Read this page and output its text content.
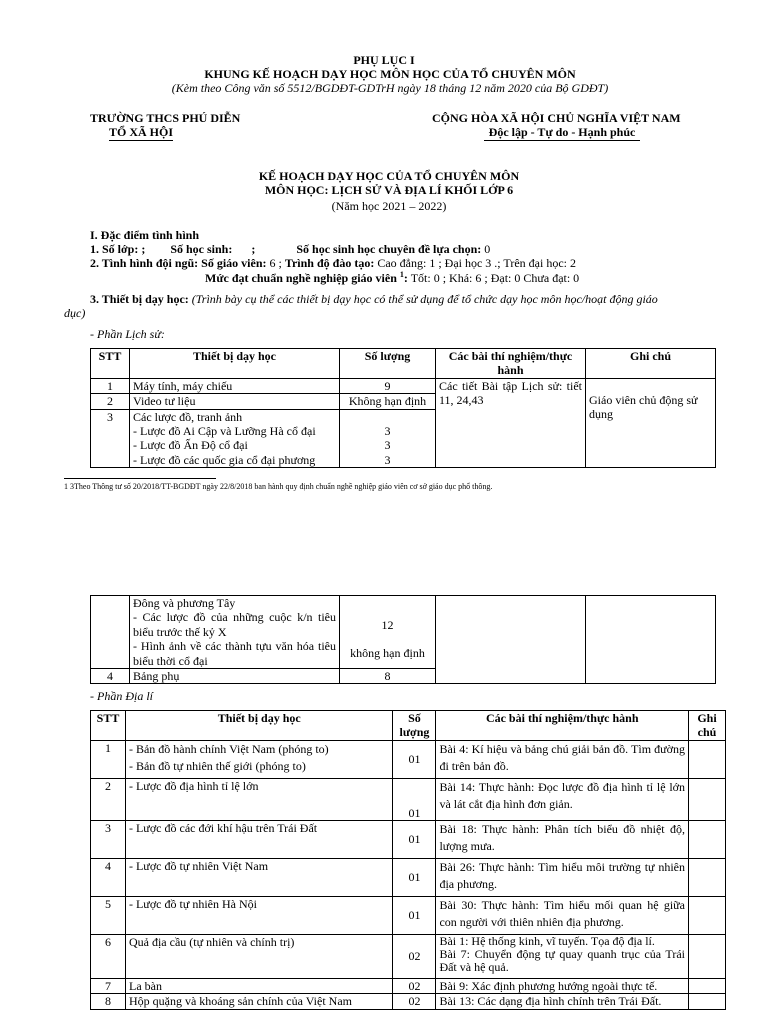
PHỤ LỤC I
KHUNG KẾ HOẠCH DẠY HỌC MÔN HỌC CỦA TỔ CHUYÊN MÔN
(Kèm theo Công văn số 5512/BGDĐT-GDTrH ngày 18 tháng 12 năm 2020 của Bộ GDĐT)
TRƯỜNG THCS PHÚ DIỄN
TỔ XÃ HỘI
CỘNG HÒA XÃ HỘI CHỦ NGHĨA VIỆT NAM
Độc lập - Tự do - Hạnh phúc
KẾ HOẠCH DẠY HỌC CỦA TỔ CHUYÊN MÔN
MÔN HỌC: LỊCH SỬ VÀ ĐỊA LÍ KHỐI LỚP 6
(Năm học 2021 – 2022)
I. Đặc điểm tình hình
1. Số lớp: ; Số học sinh: ;	Số học sinh học chuyên đề lựa chọn: 0
2. Tình hình đội ngũ: Số giáo viên: 6 ; Trình độ đào tạo: Cao đẳng: 1 ; Đại học 3 .; Trên đại học: 2
Mức đạt chuẩn nghề nghiệp giáo viên $^1$: Tốt: 0 ; Khá: 6 ; Đạt: 0 Chưa đạt: 0
3. Thiết bị dạy học: (Trình bày cụ thể các thiết bị dạy học có thể sử dụng để tổ chức dạy học môn học/hoạt động giáo
dục)
- Phần Lịch sử:
STT	Thiết bị dạy học	Số lượng	Các bài thí nghiệm/thực hành	Ghi chú
1	Máy tính, máy chiếu	9	Các tiết Bài tập Lịch sử: tiết 11, 24,43	Giáo viên chủ động sử dụng
2	Video tư liệu	Không hạn định		
3	Các lược đồ, tranh ảnh			
	- Lược đồ Ai Cập và Lưỡng Hà cổ đại	3		
	- Lược đồ Ấn Độ cổ đại	3		
	- Lược đồ các quốc gia cổ đại phương	3		
1 3Theo Thông tư số 20/2018/TT-BGDĐT ngày 22/8/2018 ban hành quy định chuẩn nghề nghiệp giáo viên cơ sở giáo dục phổ thông.
	Đông và phương Tây			
	- Các lược đồ của những cuộc k/n tiêu biểu trước thế kỷ X	12		
	- Hình ảnh về các thành tựu văn hóa tiêu biểu thời cổ đại	không hạn định		
4	Bảng phụ	8		
- Phần Địa lí
STT	Thiết bị dạy học	Số lượng	Các bài thí nghiệm/thực hành	Ghi chú
1	- Bản đồ hành chính Việt Nam (phóng to)
- Bản đồ tự nhiên thế giới (phóng to)	01	Bài 4: Kí hiệu và bảng chú giải bản đồ. Tìm đường đi trên bản đồ.	
2	- Lược đồ địa hình tỉ lệ lớn	01	Bài 14: Thực hành: Đọc lược đồ địa hình tỉ lệ lớn và lát cắt địa hình đơn giản.	
3	- Lược đồ các đới khí hậu trên Trái Đất	01	Bài 18: Thực hành: Phân tích biểu đồ nhiệt độ, lượng mưa.	
4	- Lược đồ tự nhiên Việt Nam	01	Bài 26: Thực hành: Tìm hiểu môi trường tự nhiên địa phương.	
5	- Lược đồ tự nhiên Hà Nội	01	Bài 30: Thực hành: Tìm hiểu mối quan hệ giữa con người với thiên nhiên địa phương.	
6	Quả địa cầu (tự nhiên và chính trị)	02	Bài 1: Hệ thống kinh, vĩ tuyến. Tọa độ địa lí.
Bài 7: Chuyển động tự quay quanh trục của Trái Đất và hệ quả.	
7	La bàn	02	Bài 9: Xác định phương hướng ngoài thực tế.	
8	Hộp quặng và khoáng sản chính của Việt Nam	02	Bài 13: Các dạng địa hình chính trên Trái Đất.	
